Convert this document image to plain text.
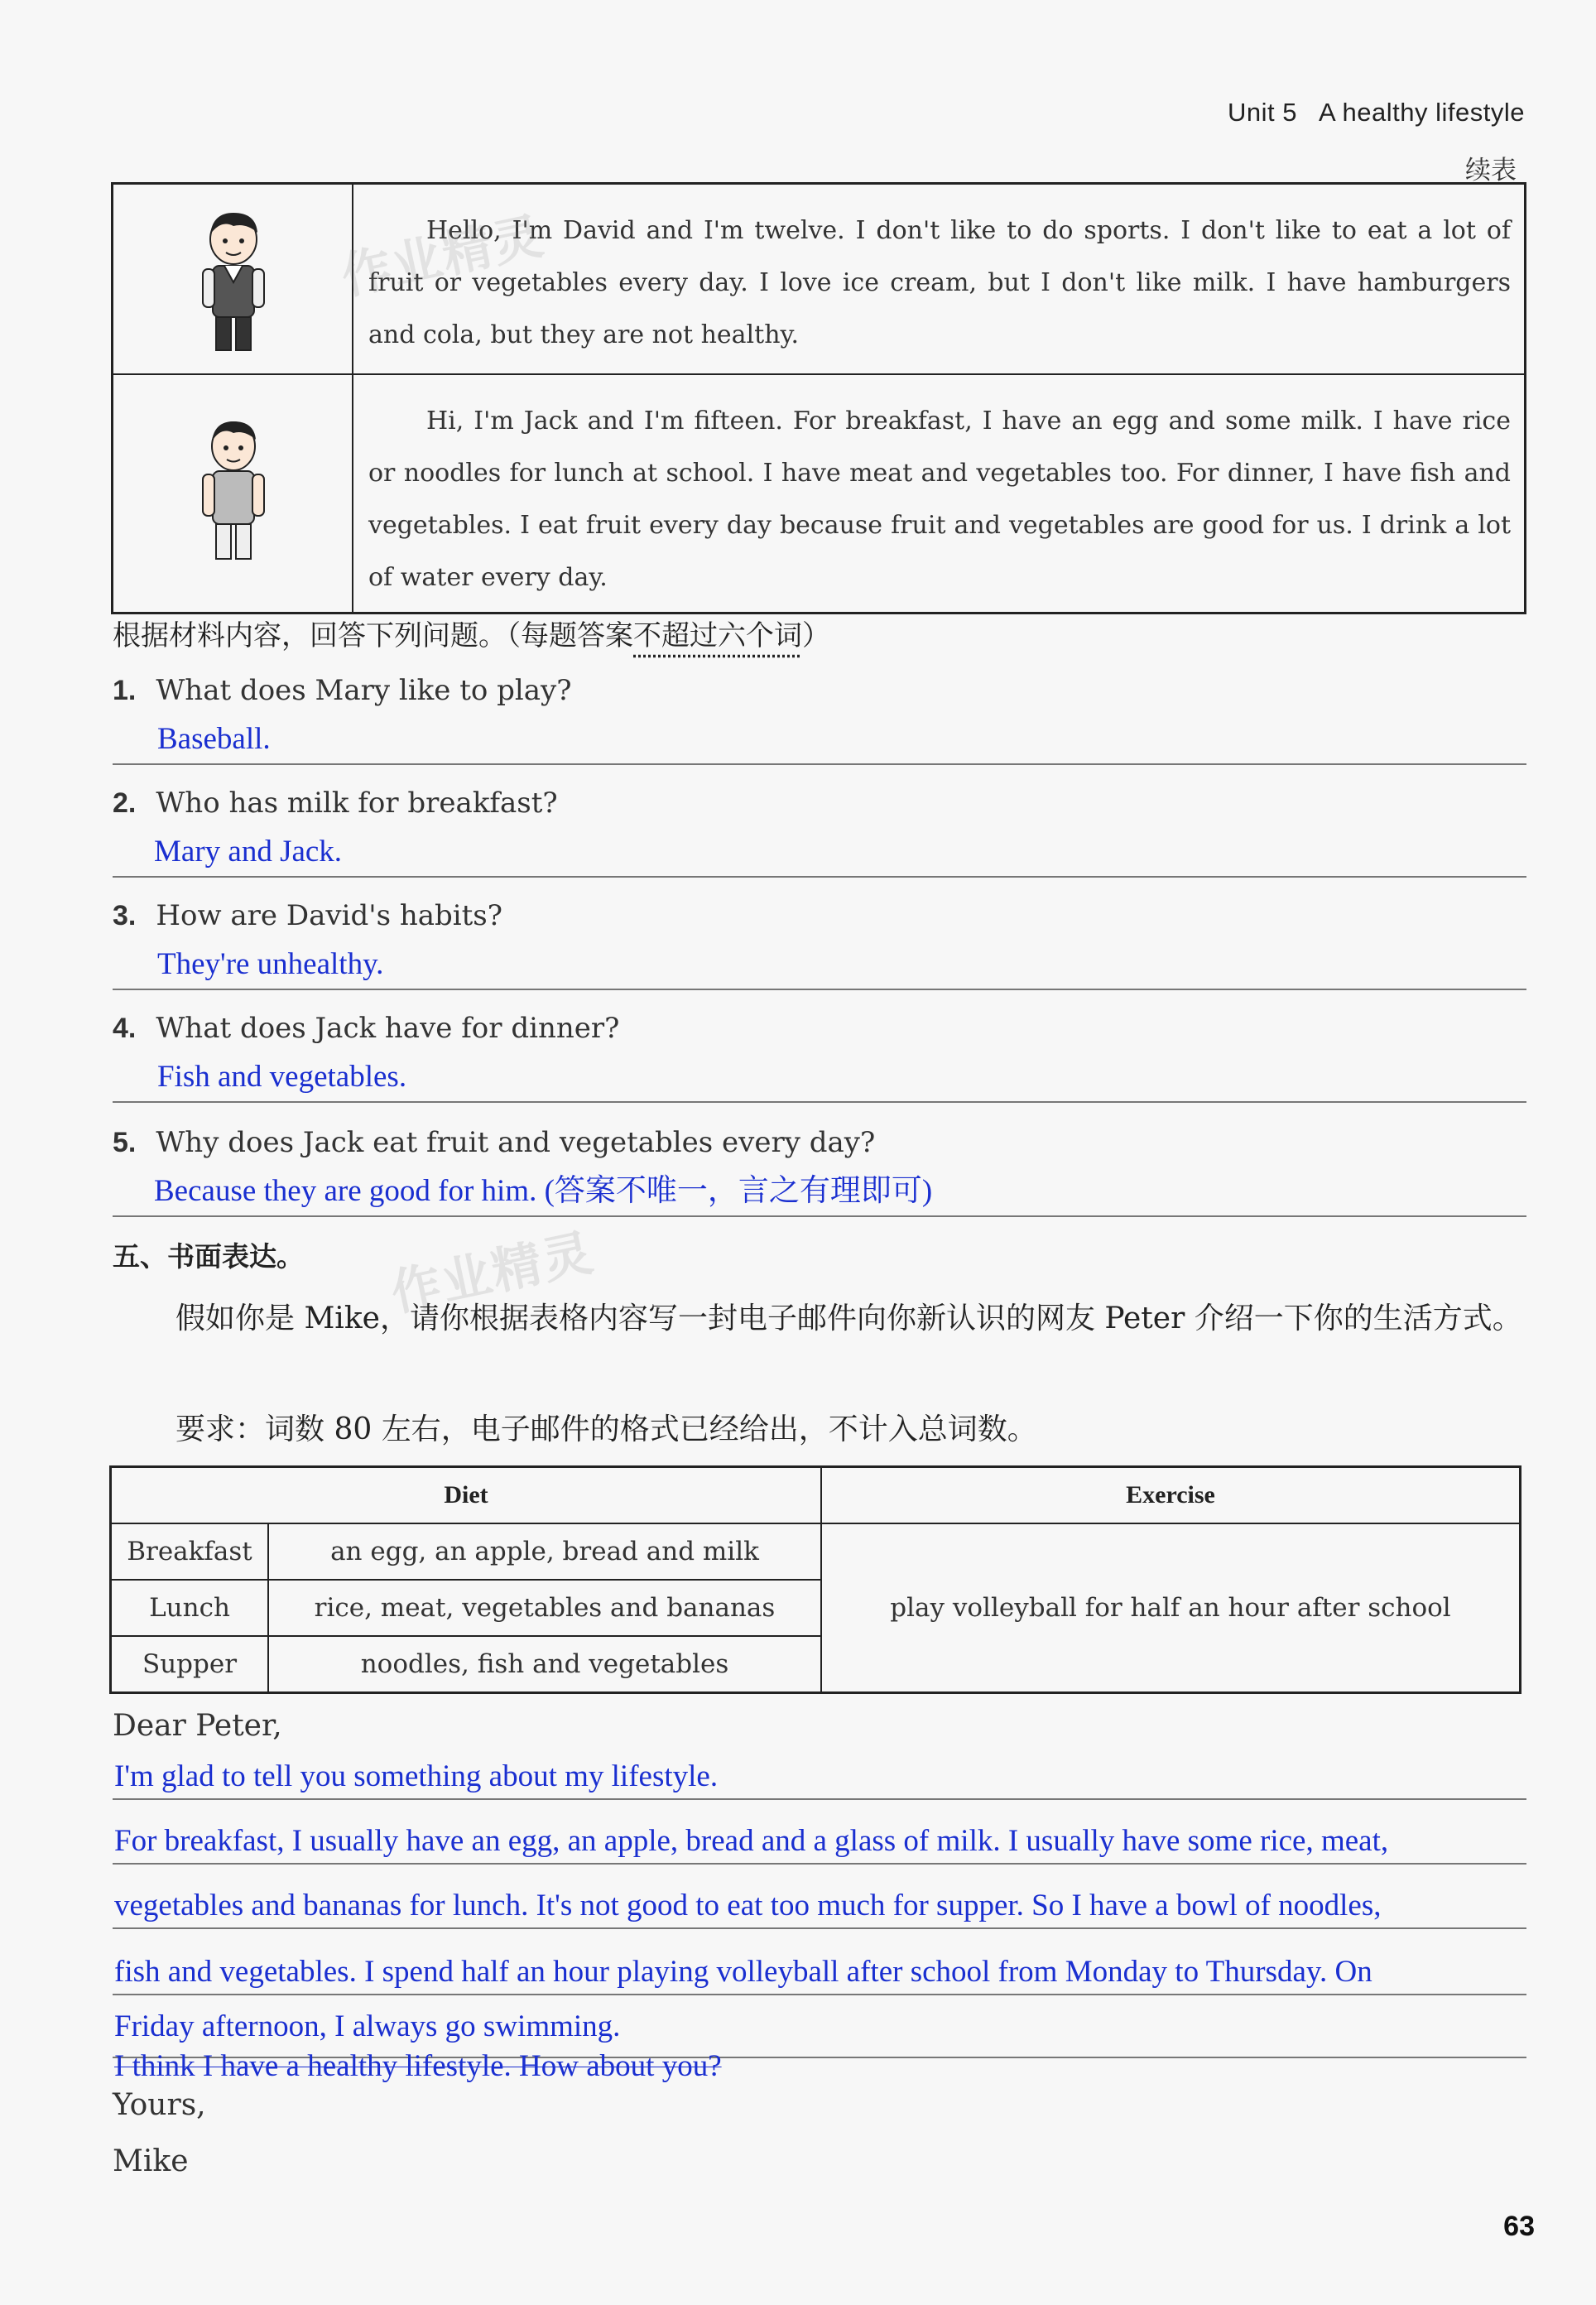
Unit 5 A healthy lifestyle
续表
	Hello, I'm David and I'm twelve. I don't like to do sports. I don't like to eat a lot of fruit or vegetables every day. I love ice cream, but I don't like milk. I have hamburgers and cola, but they are not healthy.

	Hi, I'm Jack and I'm fifteen. For breakfast, I have an egg and some milk. I have rice or noodles for lunch at school. I have meat and vegetables too. For dinner, I have fish and vegetables. I eat fruit every day because fruit and vegetables are good for us. I drink a lot of water every day.
作业精灵
根据材料内容，回答下列问题。（每题答案不超过六个词）
1. What does Mary like to play?
Baseball.
2. Who has milk for breakfast?
Mary and Jack.
3. How are David's habits?
They're unhealthy.
4. What does Jack have for dinner?
Fish and vegetables.
5. Why does Jack eat fruit and vegetables every day?
Because they are good for him. (答案不唯一，言之有理即可)
五、书面表达。 作业精灵
假如你是 Mike，请你根据表格内容写一封电子邮件向你新认识的网友 Peter 介绍一下你的生活方式。
要求：词数 80 左右，电子邮件的格式已经给出，不计入总词数。
Diet		Exercise
Breakfast	an egg, an apple, bread and milk	play volleyball for half an hour after school
Lunch	rice, meat, vegetables and bananas	
Supper	noodles, fish and vegetables	
Dear Peter,
I'm glad to tell you something about my lifestyle.
For breakfast, I usually have an egg, an apple, bread and a glass of milk. I usually have some rice, meat,
vegetables and bananas for lunch. It's not good to eat too much for supper. So I have a bowl of noodles,
fish and vegetables. I spend half an hour playing volleyball after school from Monday to Thursday. On
Friday afternoon, I always go swimming.
I think I have a healthy lifestyle. How about you?
Yours,
Mike
63
